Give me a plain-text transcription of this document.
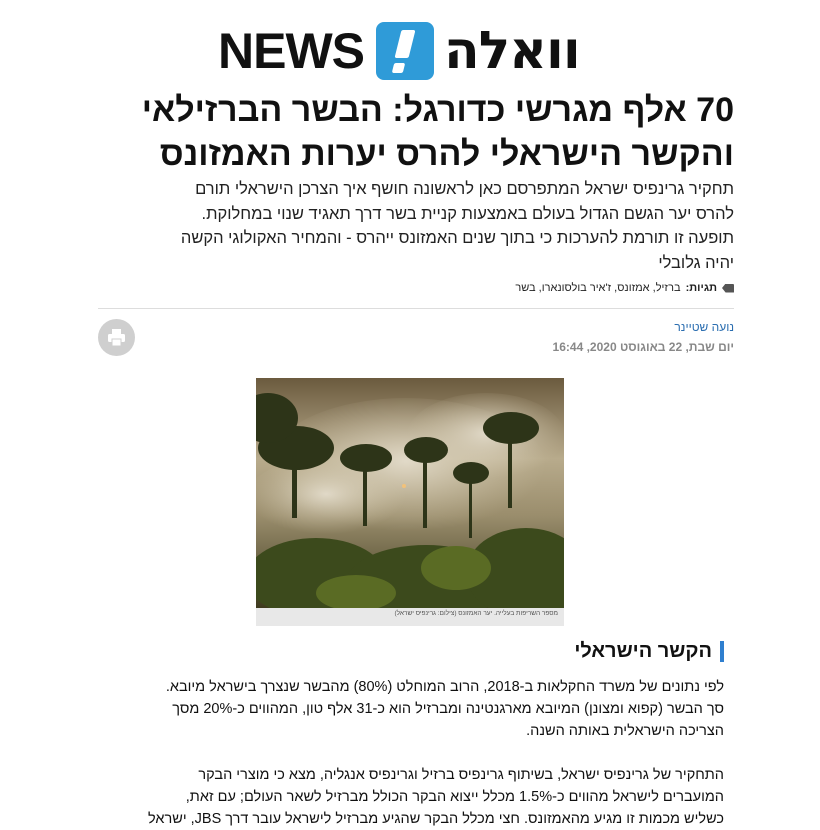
NEWS וואלה
70 אלף מגרשי כדורגל: הבשר הברזילאי
והקשר הישראלי להרס יערות האמזונס

תחקיר גרינפיס ישראל המתפרסם כאן לראשונה חושף איך הצרכן הישראלי תורם
להרס יער הגשם הגדול בעולם באמצעות קניית בשר דרך תאגיד שנוי במחלוקת.
תופעה זו תורמת להערכות כי בתוך שנים האמזונס ייהרס - והמחיר האקולוגי הקשה
יהיה גלובלי

תגיות:
ברזיל, אמזונס, ז'איר בולסונארו, בשר
נועה שטיינר
יום שבת, 22 באוגוסט 2020, 16:44
הקשר הישראלי

לפי נתונים של משרד החקלאות ב-2018, הרוב המוחלט (80%) מהבשר שנצרך בישראל מיובא.
סך הבשר (קפוא ומצונן) המיובא מארגנטינה ומברזיל הוא כ-31 אלף טון, המהווים כ-20% מסך
הצריכה הישראלית באותה השנה.

התחקיר של גרינפיס ישראל, בשיתוף גרינפיס ברזיל וגרינפיס אנגליה, מצא כי מוצרי הבקר
המועברים לישראל מהווים כ-1.5% מכלל ייצוא הבקר הכולל מברזיל לשאר העולם; עם זאת,
כשליש מכמות זו מגיע מהאמזונס. חצי מכלל הבקר שהגיע מברזיל לישראל עובר דרך JBS, ישראל

מספר השריפות בעלייה. יער האמזונס (צילום: גרינפיס ישראל)
